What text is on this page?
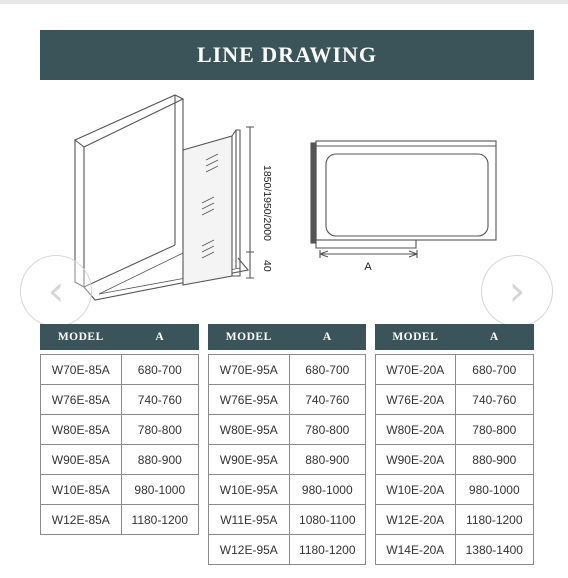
LINE DRAWING
1850/1950/2000
40	A
‹	›
MODEL	A

W70E-85A	680-700
W76E-85A	740-760
W80E-85A	780-800
W90E-85A	880-900
W10E-85A	980-1000
W12E-85A	1180-1200
MODEL	A

W70E-95A	680-700
W76E-95A	740-760
W80E-95A	780-800
W90E-95A	880-900
W10E-95A	980-1000
W11E-95A	1080-1100
W12E-95A	1180-1200
MODEL	A

W70E-20A	680-700
W76E-20A	740-760
W80E-20A	780-800
W90E-20A	880-900
W10E-20A	980-1000
W12E-20A	1180-1200
W14E-20A	1380-1400
